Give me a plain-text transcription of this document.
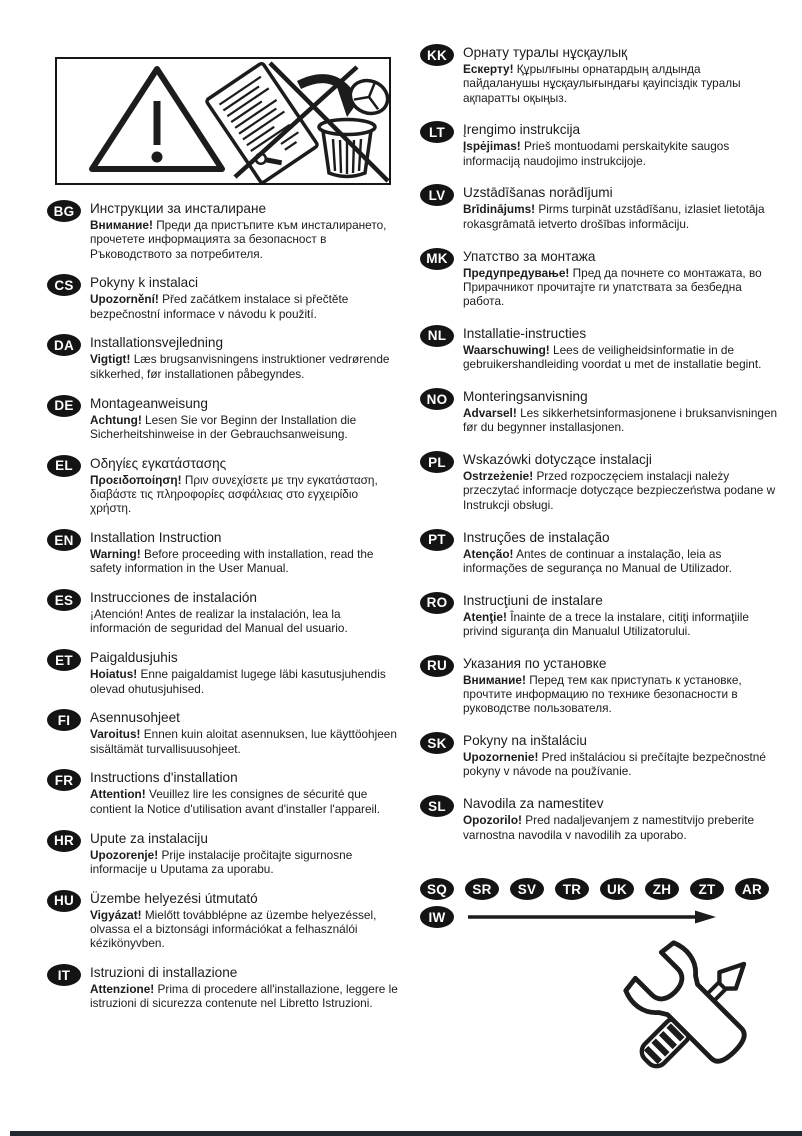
BG	Инструкции за инсталиране
Внимание! Преди да пристъпите към инсталирането, прочетете информацията за безопасност в Ръководството за потребителя.
CS	Pokyny k instalaci
Upozornění! Před začátkem instalace si přečtěte bezpečnostní informace v návodu k použití.
DA	Installationsvejledning
Vigtigt! Læs brugsanvisningens instruktioner vedrørende sikkerhed, før installationen påbegyndes.
DE	Montageanweisung
Achtung! Lesen Sie vor Beginn der Installation die Sicherheitshinweise in der Gebrauchsanweisung.
EL	Οδηγίες εγκατάστασης
Προειδοποίηση! Πριν συνεχίσετε με την εγκατάσταση, διαβάστε τις πληροφορίες ασφάλειας στο εγχειρίδιο χρήστη.
EN	Installation Instruction
Warning! Before proceeding with installation, read the safety information in the User Manual.
ES	Instrucciones de instalación
¡Atención! Antes de realizar la instalación, lea la información de seguridad del Manual del usuario.
ET	Paigaldusjuhis
Hoiatus! Enne paigaldamist lugege läbi kasutusjuhendis olevad ohutusjuhised.
FI	Asennusohjeet
Varoitus! Ennen kuin aloitat asennuksen, lue käyttöohjeen sisältämät turvallisuusohjeet.
FR	Instructions d'installation
Attention! Veuillez lire les consignes de sécurité que contient la Notice d'utilisation avant d'installer l'appareil.
HR	Upute za instalaciju
Upozorenje! Prije instalacije pročitajte sigurnosne informacije u Uputama za uporabu.
HU	Üzembe helyezési útmutató
Vigyázat! Mielőtt továbblépne az üzembe helyezéssel, olvassa el a biztonsági információkat a felhasználói kézikönyvben.
IT	Istruzioni di installazione
Attenzione! Prima di procedere all'installazione, leggere le istruzioni di sicurezza contenute nel Libretto Istruzioni.
KK	Орнату туралы нұсқаулық
Ескерту! Құрылғыны орнатардың алдында пайдаланушы нұсқаулығындағы қауіпсіздік туралы ақпаратты оқыңыз.
LT	Įrengimo instrukcija
Įspėjimas! Prieš montuodami perskaitykite saugos informaciją naudojimo instrukcijoje.
LV	Uzstādīšanas norādījumi
Brīdinājums! Pirms turpināt uzstādīšanu, izlasiet lietotāja rokasgrāmatā ietverto drošības informāciju.
MK	Упатство за монтажа
Предупредување! Пред да почнете со монтажата, во Прирачникот прочитајте ги упатствата за безбедна работа.
NL	Installatie-instructies
Waarschuwing! Lees de veiligheidsinformatie in de gebruikershandleiding voordat u met de installatie begint.
NO	Monteringsanvisning
Advarsel! Les sikkerhetsinformasjonene i bruksanvisningen før du begynner installasjonen.
PL	Wskazówki dotyczące instalacji
Ostrzeżenie! Przed rozpoczęciem instalacji należy przeczytać informacje dotyczące bezpieczeństwa podane w Instrukcji obsługi.
PT	Instruções de instalação
Atenção! Antes de continuar a instalação, leia as informações de segurança no Manual de Utilizador.
RO	Instrucţiuni de instalare
Atenţie! Înainte de a trece la instalare, citiţi informaţiile privind siguranţa din Manualul Utilizatorului.
RU	Указания по установке
Внимание! Перед тем как приступать к установке, прочтите информацию по технике безопасности в руководстве пользователя.
SK	Pokyny na inštaláciu
Upozornenie! Pred inštaláciou si prečítajte bezpečnostné pokyny v návode na používanie.
SL	Navodila za namestitev
Opozorilo! Pred nadaljevanjem z namestitvijo preberite varnostna navodila v navodilih za uporabo.
SQ	SR	SV	TR	UK	ZH	ZT	AR
IW
